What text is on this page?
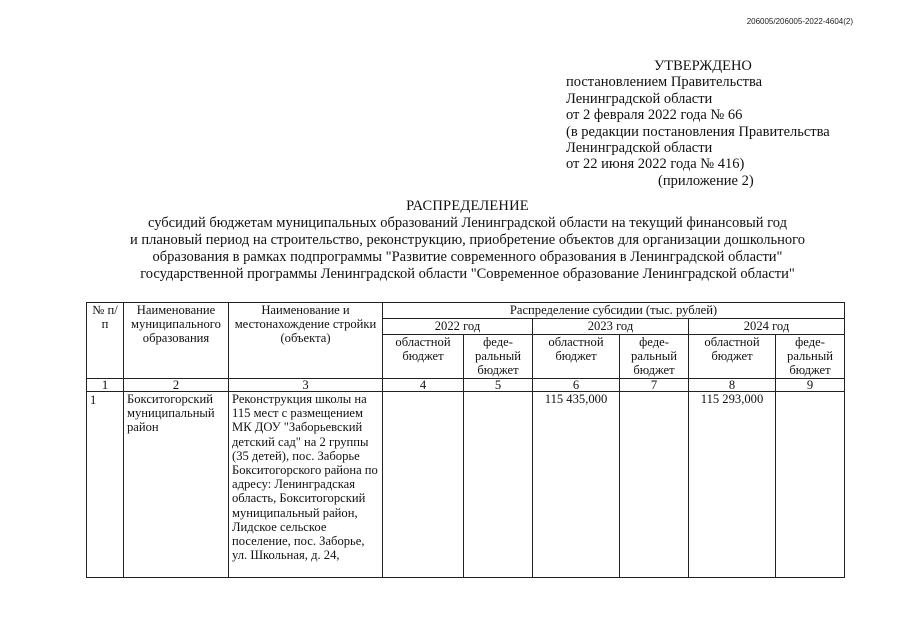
206005/206005-2022-4604(2)
УТВЕРЖДЕНО
постановлением Правительства
Ленинградской области
от 2 февраля 2022 года № 66
(в редакции постановления Правительства
Ленинградской области
от 22 июня 2022 года № 416)
(приложение 2)
РАСПРЕДЕЛЕНИЕ
субсидий бюджетам муниципальных образований Ленинградской области на текущий финансовый год
и плановый период на строительство, реконструкцию, приобретение объектов для организации дошкольного
образования в рамках подпрограммы "Развитие современного образования в Ленинградской области"
государственной программы Ленинградской области "Современное образование Ленинградской области"
№ п/п	Наименование муниципального образования	Наименование и местонахождение стройки (объекта)	Распределение субсидии (тыс. рублей)					
			2022 год		2023 год		2024 год	
			областной бюджет	феде-ральный бюджет	областной бюджет	феде-ральный бюджет	областной бюджет	феде-ральный бюджет
1	2	3	4	5	6	7	8	9
1	Бокситогорский муниципальный район	Реконструкция школы на 115 мест с размещением МК ДОУ "Заборьевский детский сад" на 2 группы (35 детей), пос. Заборье Бокситогорского района по адресу: Ленинградская область, Бокситогорский муниципальный район, Лидское сельское поселение, пос. Заборье, ул. Школьная, д. 24,			115 435,000		115 293,000	
